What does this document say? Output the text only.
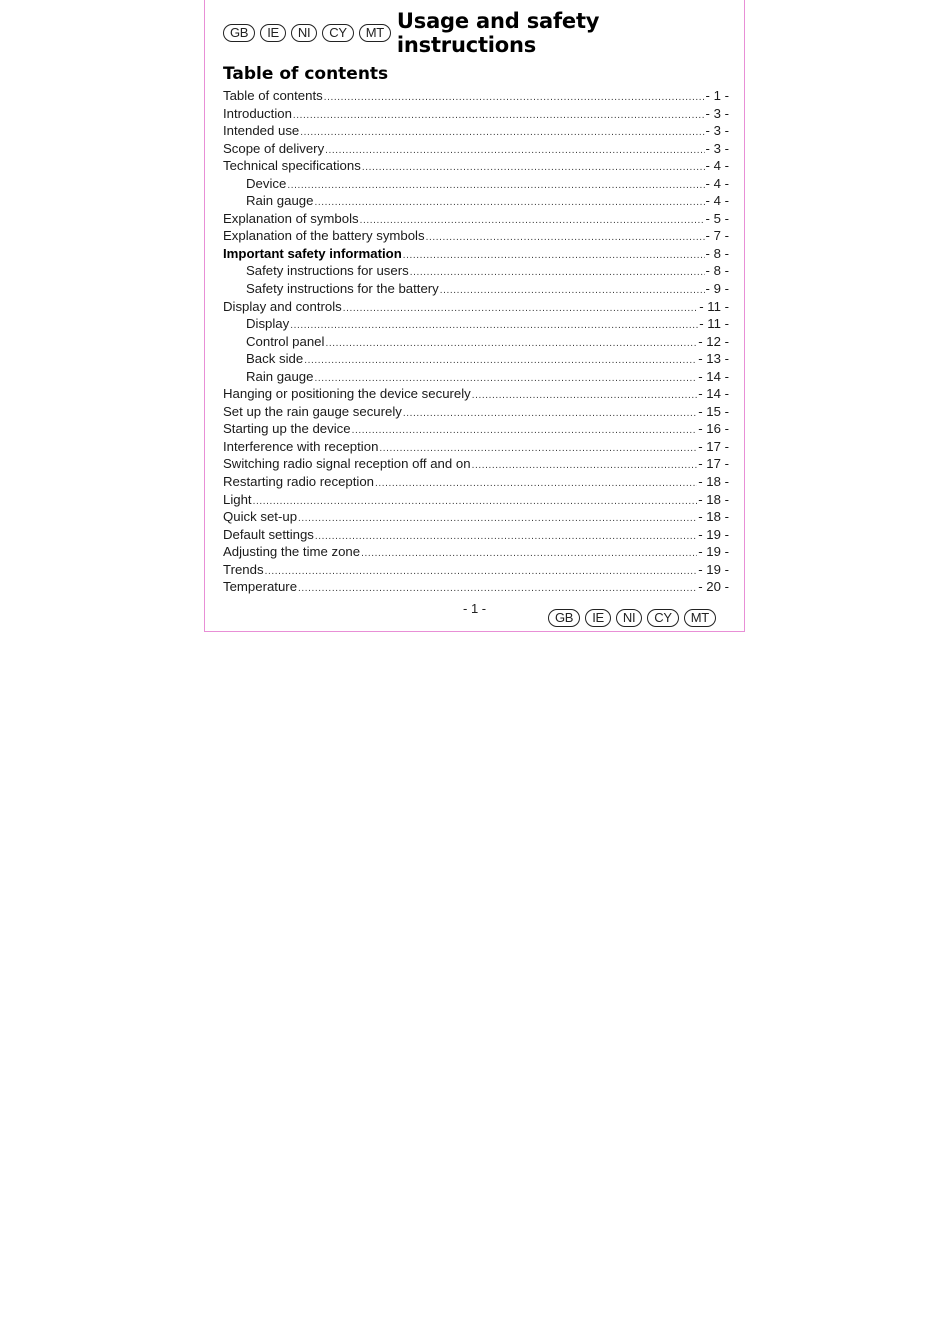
GB	IE	NI	CY	MT Usage and safety instructions
Table of contents
Table of contents .....	- 1 -
Introduction .....	- 3 -
Intended use .....	- 3 -
Scope of delivery .....	- 3 -
Technical specifications .....	- 4 -
Device .....	- 4 -
Rain gauge .....	- 4 -
Explanation of symbols .....	- 5 -
Explanation of the battery symbols .....	- 7 -
Important safety information .....	- 8 -
Safety instructions for users .....	- 8 -
Safety instructions for the battery .....	- 9 -
Display and controls .....	- 11 -
Display .....	- 11 -
Control panel .....	- 12 -
Back side .....	- 13 -
Rain gauge .....	- 14 -
Hanging or positioning the device securely .....	- 14 -
Set up the rain gauge securely .....	- 15 -
Starting up the device .....	- 16 -
Interference with reception .....	- 17 -
Switching radio signal reception off and on .....	- 17 -
Restarting radio reception .....	- 18 -
Light .....	- 18 -
Quick set-up .....	- 18 -
Default settings .....	- 19 -
Adjusting the time zone .....	- 19 -
Trends .....	- 19 -
Temperature .....	- 20 -
- 1 -
GB	IE	NI	CY	MT
